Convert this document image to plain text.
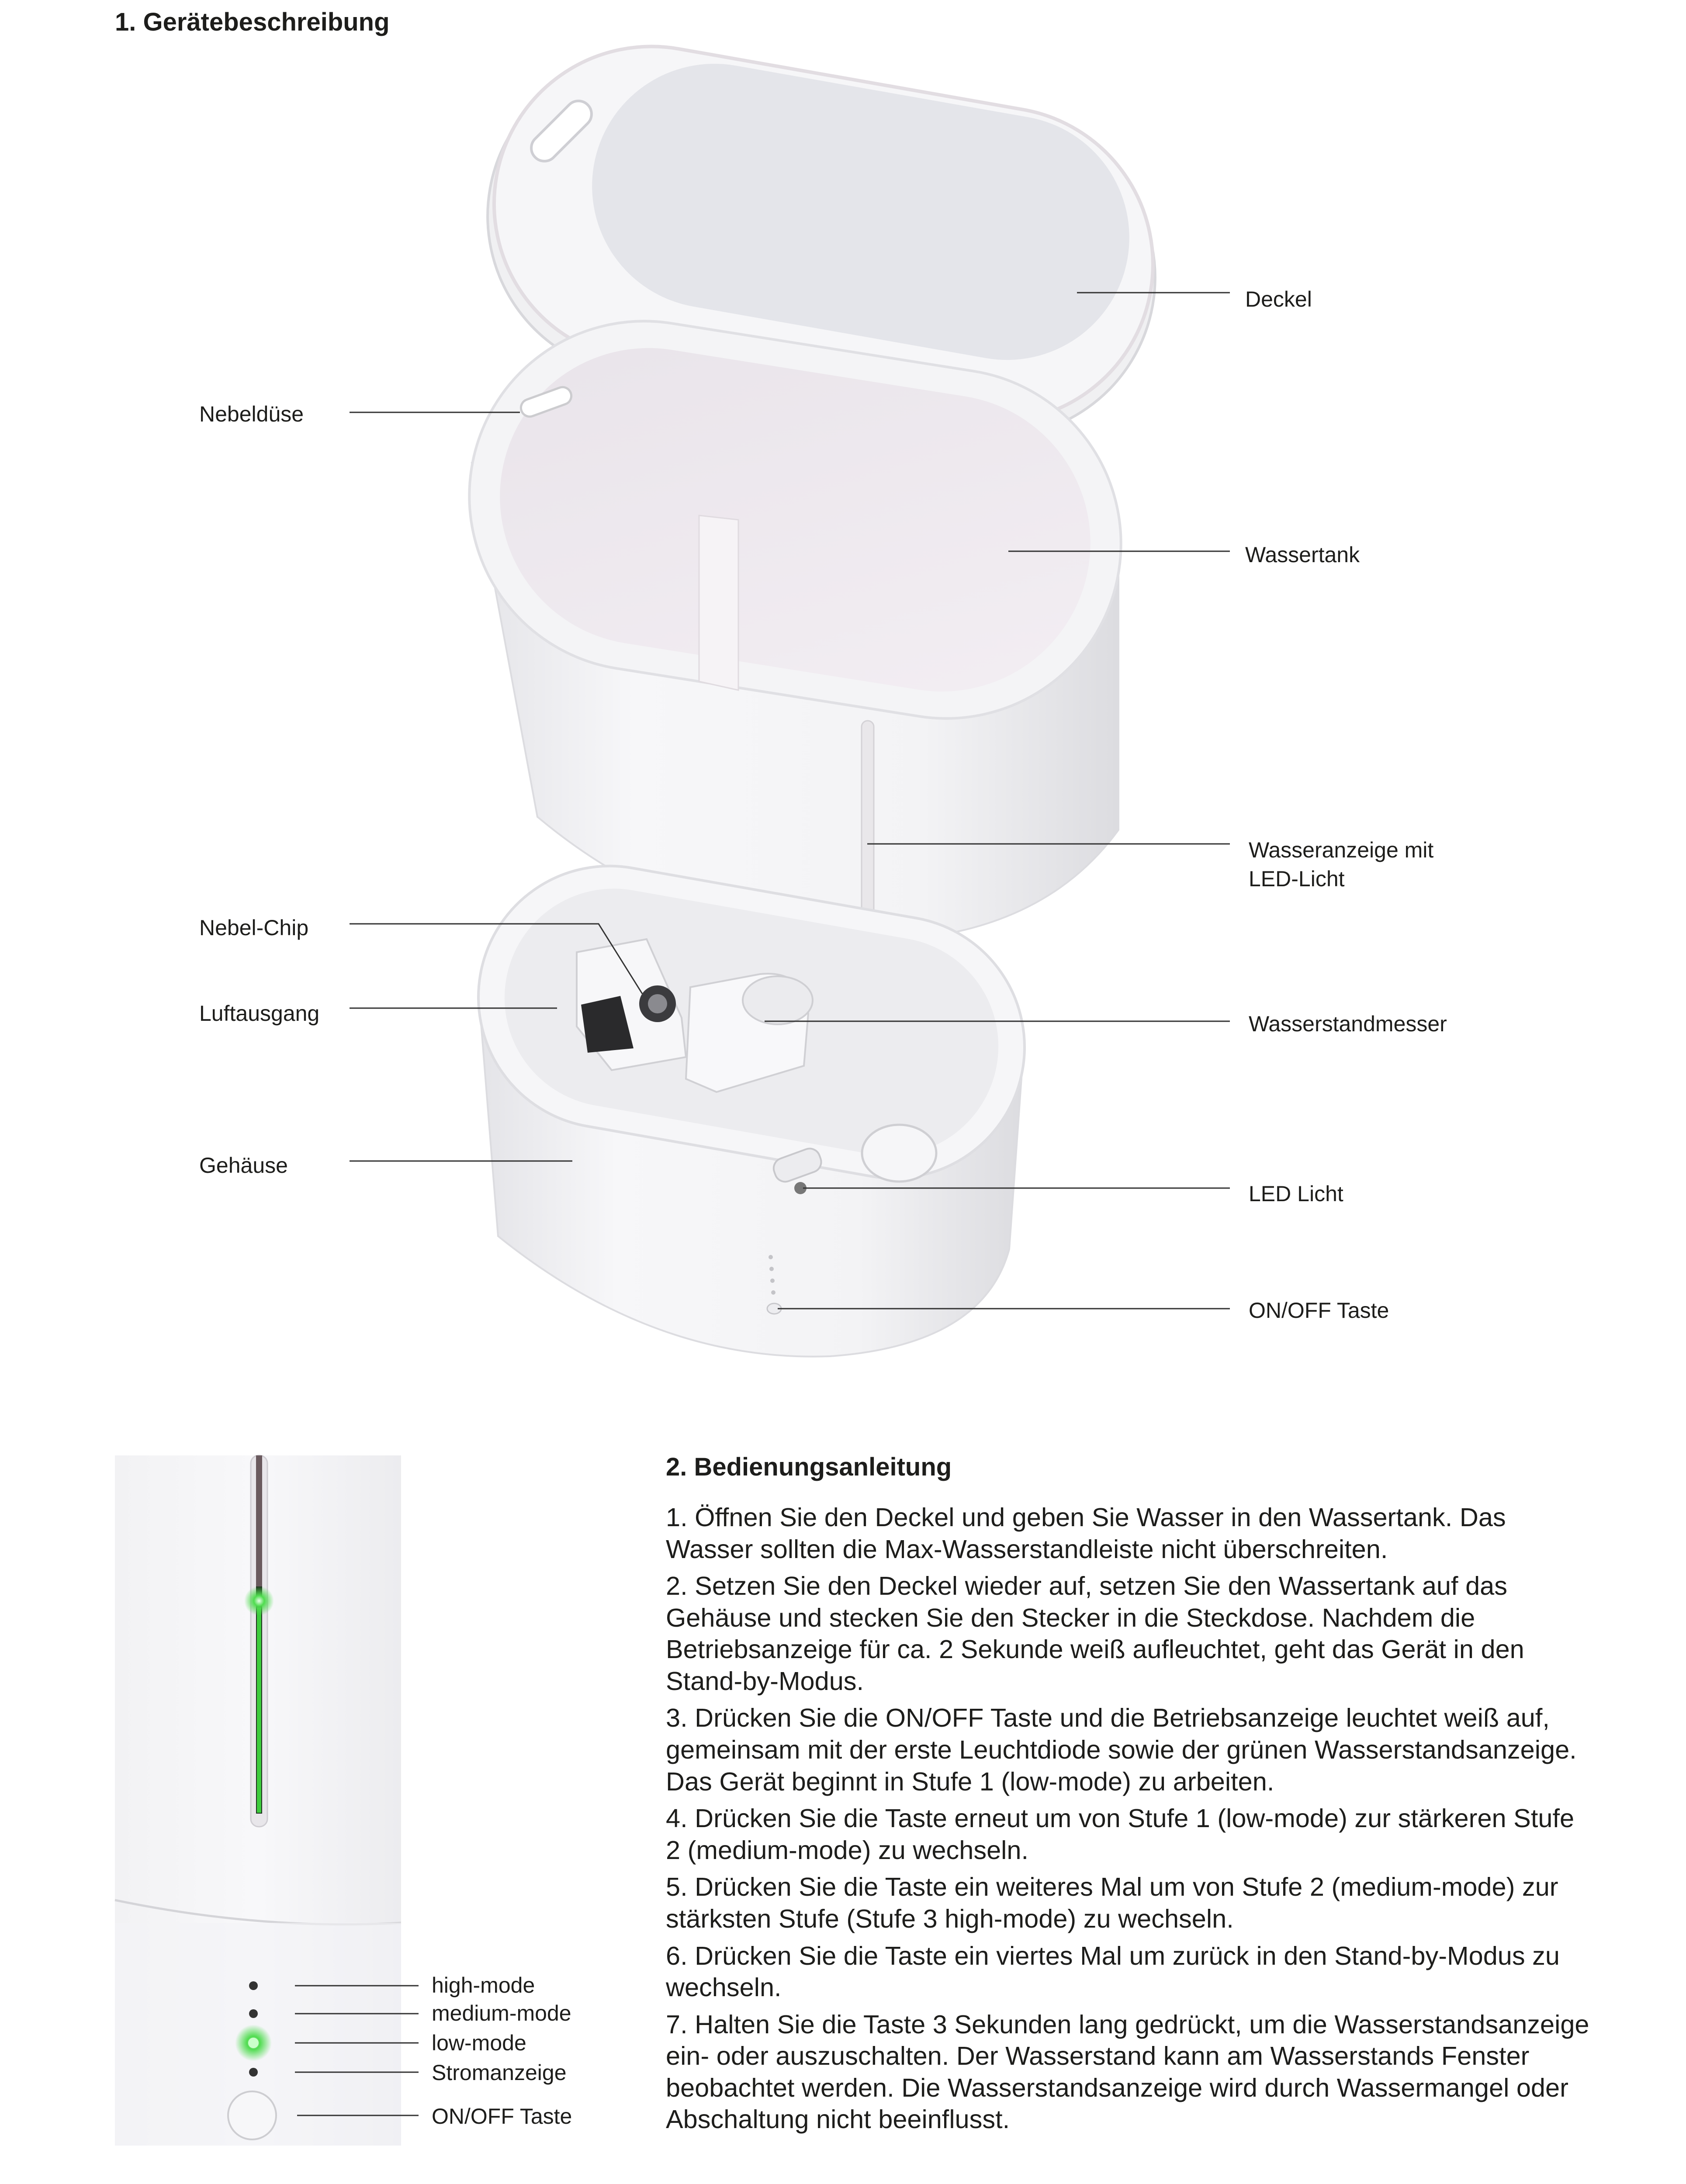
1. Gerätebeschreibung
Deckel
Nebeldüse
Wassertank
Wasseranzeige mit
LED-Licht
Nebel-Chip
Luftausgang	Wasserstandmesser
Gehäuse
LED Licht
ON/OFF Taste
high-mode
medium-mode
low-mode
Stromanzeige
ON/OFF Taste
2. Bedienungsanleitung

1. Öffnen Sie den Deckel und geben Sie Wasser in den Wassertank. Das Wasser sollten die Max-Wasserstandleiste nicht überschreiten.

2. Setzen Sie den Deckel wieder auf, setzen Sie den Wassertank auf das Gehäuse und stecken Sie den Stecker in die Steckdose. Nachdem die Betriebsanzeige für ca. 2 Sekunde weiß aufleuchtet, geht das Gerät in den Stand-by-Modus.

3. Drücken Sie die ON/OFF Taste und die Betriebsanzeige leuchtet weiß auf, gemeinsam mit der erste Leuchtdiode sowie der grünen Wasserstandsanzeige. Das Gerät beginnt in Stufe 1 (low-mode) zu arbeiten.

4. Drücken Sie die Taste erneut um von Stufe 1 (low-mode) zur stärkeren Stufe 2 (medium-mode) zu wechseln.

5. Drücken Sie die Taste ein weiteres Mal um von Stufe 2 (medium-mode) zur stärksten Stufe (Stufe 3 high-mode) zu wechseln.

6. Drücken Sie die Taste ein viertes Mal um zurück in den Stand-by-Modus zu wechseln.

7. Halten Sie die Taste 3 Sekunden lang gedrückt, um die Wasserstandsanzeige ein- oder auszuschalten. Der Wasserstand kann am Wasserstands Fenster beobachtet werden. Die Wasserstandsanzeige wird durch Wassermangel oder Abschaltung nicht beeinflusst.
